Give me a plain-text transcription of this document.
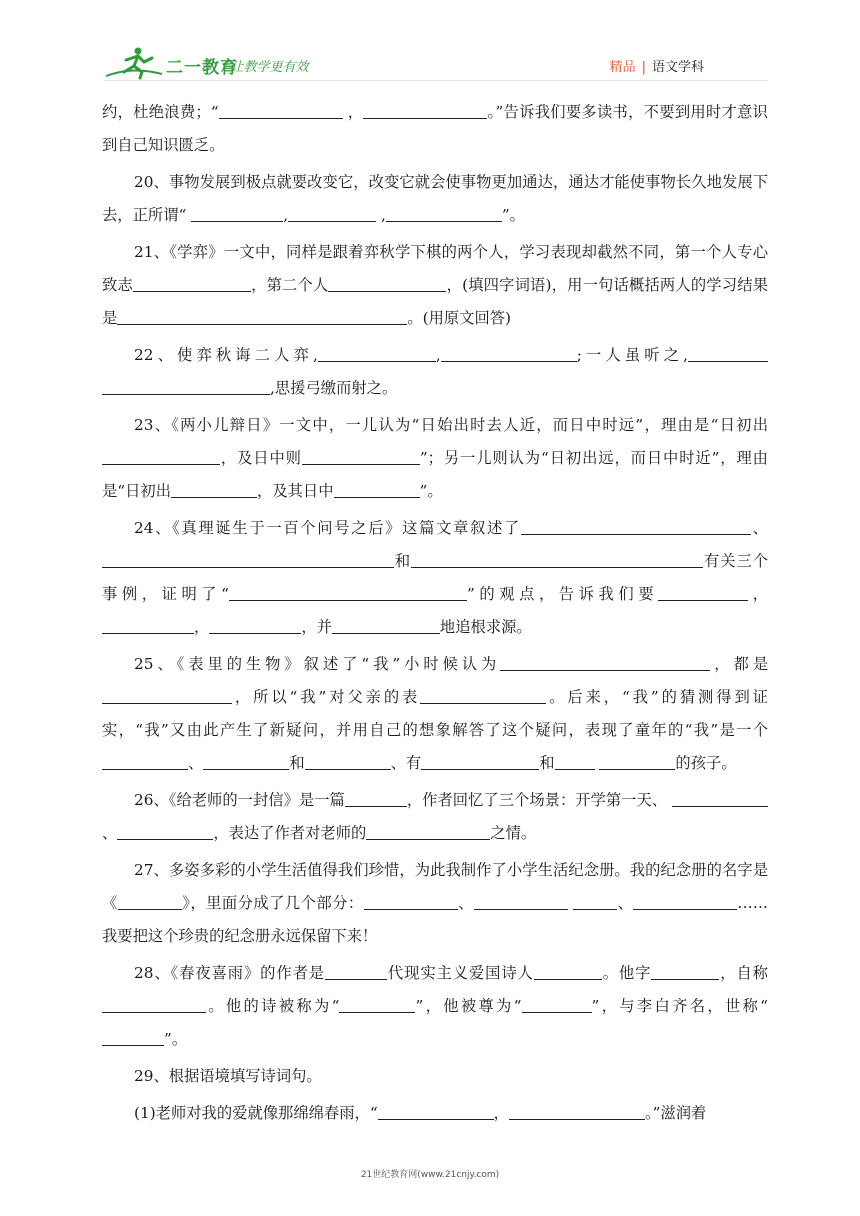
二一教育
/ 让教学更有效	精品 | 语文学科

约，杜绝浪费；“	，	。”告诉我们要多读书，不要到用时才意识到自己知识匮乏。

20、事物发展到极点就要改变它，改变它就会使事物更加通达，通达才能使事物长久地发展下去，正所谓“	,	,	”。

21、《学弈》一文中，同样是跟着弈秋学下棋的两个人，学习表现却截然不同，第一个人专心致志	，第二个人	，(填四字词语)，用一句话概括两人的学习结果是	。(用原文回答)

22、使弈秋诲二人弈,	,	;一人虽听之, ,思援弓缴而射之。

23、《两小儿辩日》一文中，一儿认为“日始出时去人近，而日中时远”，理由是“日初出，及日中则	”；另一儿则认为“日初出远，而日中时近”，理由是“日初出	，及其日中	”。

24、《真理诞生于一百个问号之后》这篇文章叙述了	、 和	有关三个事例，证明了“	”的观点，告诉我们要	， ，	，并	地追根求源。

25、《表里的生物》叙述了“我”小时候认为	，都是，所以“我”对父亲的表	。后来，“我”的猜测得到证实，“我”又由此产生了新疑问，并用自己的想象解答了这个疑问，表现了童年的“我”是一个、	和	、有	和	的孩子。

26、《给老师的一封信》是一篇	，作者回忆了三个场景：开学第一天、 、	，表达了作者对老师的	之情。

27、多姿多彩的小学生活值得我们珍惜，为此我制作了小学生活纪念册。我的纪念册的名字是《	》，里面分成了几个部分：	、	、	……我要把这个珍贵的纪念册永远保留下来！

28、《春夜喜雨》的作者是	代现实主义爱国诗人	。他字	，自称。他的诗被称为“	”，他被尊为“	”，与李白齐名，世称“”。

29、根据语境填写诗词句。

(1)老师对我的爱就像那绵绵春雨，“	，	。”滋润着

21世纪教育网(www.21cnjy.com)
